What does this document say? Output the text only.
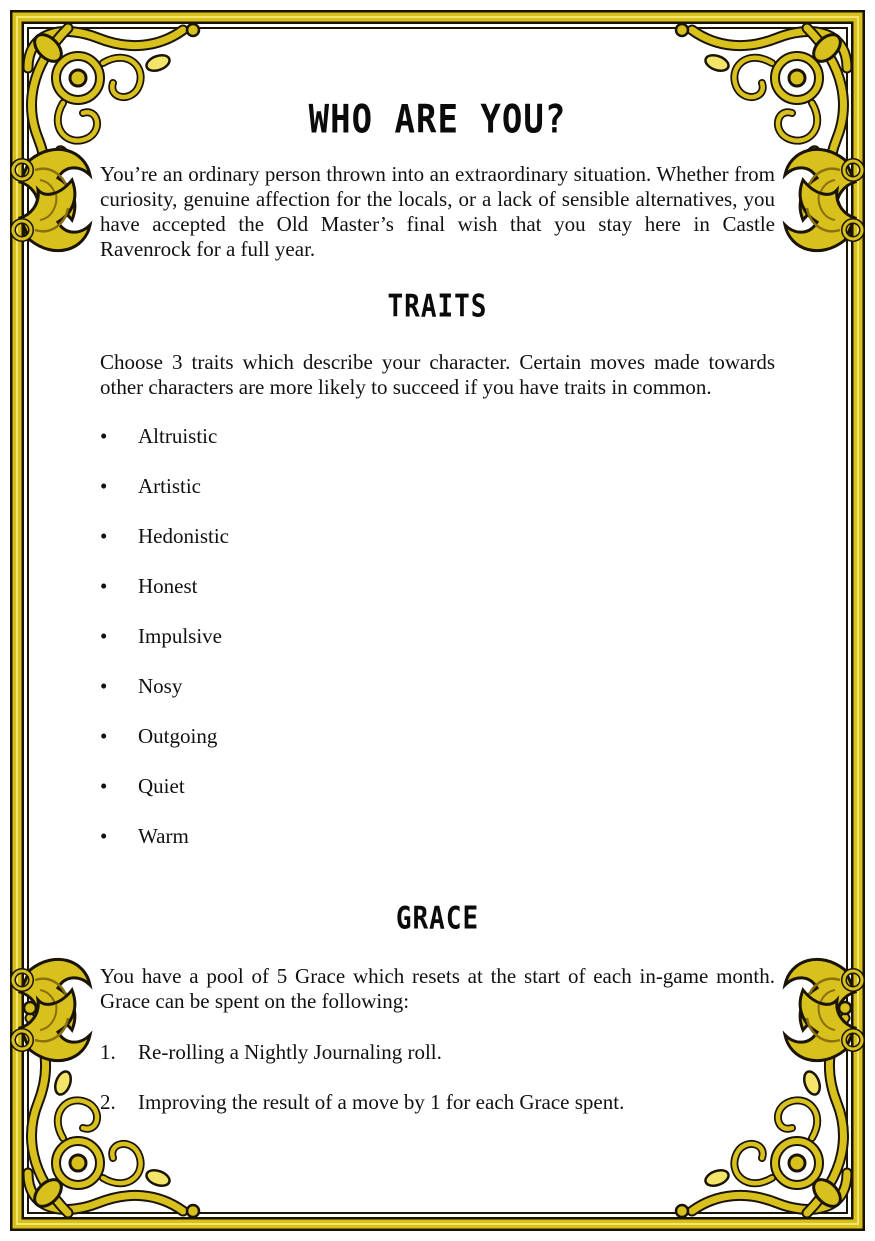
WHO ARE YOU?

You’re an ordinary person thrown into an extraordinary situation. Whether from curiosity, genuine affection for the locals, or a lack of sensible alternatives, you have accepted the Old Master’s final wish that you stay here in Castle Ravenrock for a full year.

TRAITS

Choose 3 traits which describe your character. Certain moves made towards other characters are more likely to succeed if you have traits in common.

• Altruistic
• Artistic
• Hedonistic
• Honest
• Impulsive
• Nosy
• Outgoing
• Quiet
• Warm
GRACE

You have a pool of 5 Grace which resets at the start of each in-game month. Grace can be spent on the following:

1. Re-rolling a Nightly Journaling roll.
2. Improving the result of a move by 1 for each Grace spent.
